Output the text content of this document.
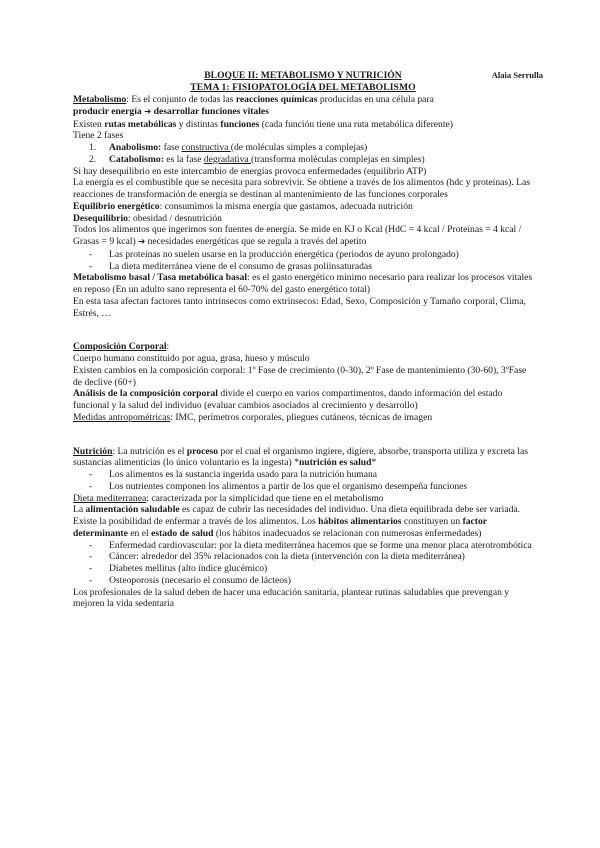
BLOQUE II: METABOLISMO Y NUTRICIÓN	Alaia Serrulla
TEMA 1: FISIOPATOLOGÍA DEL METABOLISMO

Metabolismo: Es el conjunto de todas las reacciones químicas producidas en una célula para

producir energía ➔ desarrollar funciones vitales

Existen rutas metabólicas y distintas funciones (cada función tiene una ruta metabólica diferente)

Tiene 2 fases

1. Anabolismo: fase constructiva (de moléculas simples a complejas)
2. Catabolismo: es la fase degradativa (transforma moléculas complejas en simples)

Si hay desequilibrio en este intercambio de energías provoca enfermedades (equilibrio ATP)

La energía es el combustible que se necesita para sobrevivir. Se obtiene a través de los alimentos (hdc y proteínas). Las reacciones de transformación de energía se destinan al mantenimiento de las funciones corporales

Equilibrio energético: consumimos la misma energía que gastamos, adecuada nutrición

Desequilibrio: obesidad / desnutrición

Todos los alimentos que ingerimos son fuentes de energía. Se mide en KJ o Kcal (HdC = 4 kcal / Proteínas = 4 kcal / Grasas = 9 kcal) ➔ necesidades energéticas que se regula a través del apetito

- Las proteínas no suelen usarse en la producción energética (periodos de ayuno prolongado)
- La dieta mediterránea viene de el consumo de grasas poliinsaturadas

Metabolismo basal / Tasa metabólica basal: es el gasto energético mínimo necesario para realizar los procesos vitales en reposo (En un adulto sano representa el 60-70% del gasto energético total)

En esta tasa afectan factores tanto intrínsecos como extrínsecos: Edad, Sexo, Composición y Tamaño corporal, Clima, Estrés, …

Composición Corporal:

Cuerpo humano constituido por agua, grasa, hueso y músculo

Existen cambios en la composición corporal: 1º Fase de crecimiento (0-30), 2º Fase de mantenimiento (30-60), 3ºFase de declive (60+)

Análisis de la composición corporal divide el cuerpo en varios compartimentos, dando información del estado funcional y la salud del individuo (evaluar cambios asociados al crecimiento y desarrollo)

Medidas antropométricas: IMC, perímetros corporales, pliegues cutáneos, técnicas de imagen

Nutrición: La nutrición es el proceso por el cual el organismo ingiere, digiere, absorbe, transporta utiliza y excreta las sustancias alimenticias (lo único voluntario es la ingesta) *nutrición es salud*

- Los alimentos es la sustancia ingerida usado para la nutrición humana
- Los nutrientes componen los alimentos a partir de los que el organismo desempeña funciones

Dieta mediterranea: caracterizada por la simplicidad que tiene en el metabolismo

La alimentación saludable es capaz de cubrir las necesidades del individuo. Una dieta equilibrada debe ser variada. Existe la posibilidad de enfermar a través de los alimentos. Los hábitos alimentarios constituyen un factor determinante en el estado de salud (los hábitos inadecuados se relacionan con numerosas enfermedades)

- Enfermedad cardiovascular: por la dieta mediterránea hacemos que se forme una menor placa aterotrombótica
- Cáncer: alrededor del 35% relacionados con la dieta (intervención con la dieta mediterránea)
- Diabetes mellitus (alto índice glucémico)
- Osteoporosis (necesario el consumo de lácteos)

Los profesionales de la salud deben de hacer una educación sanitaria, plantear rutinas saludables que prevengan y mejoren la vida sedentaria
